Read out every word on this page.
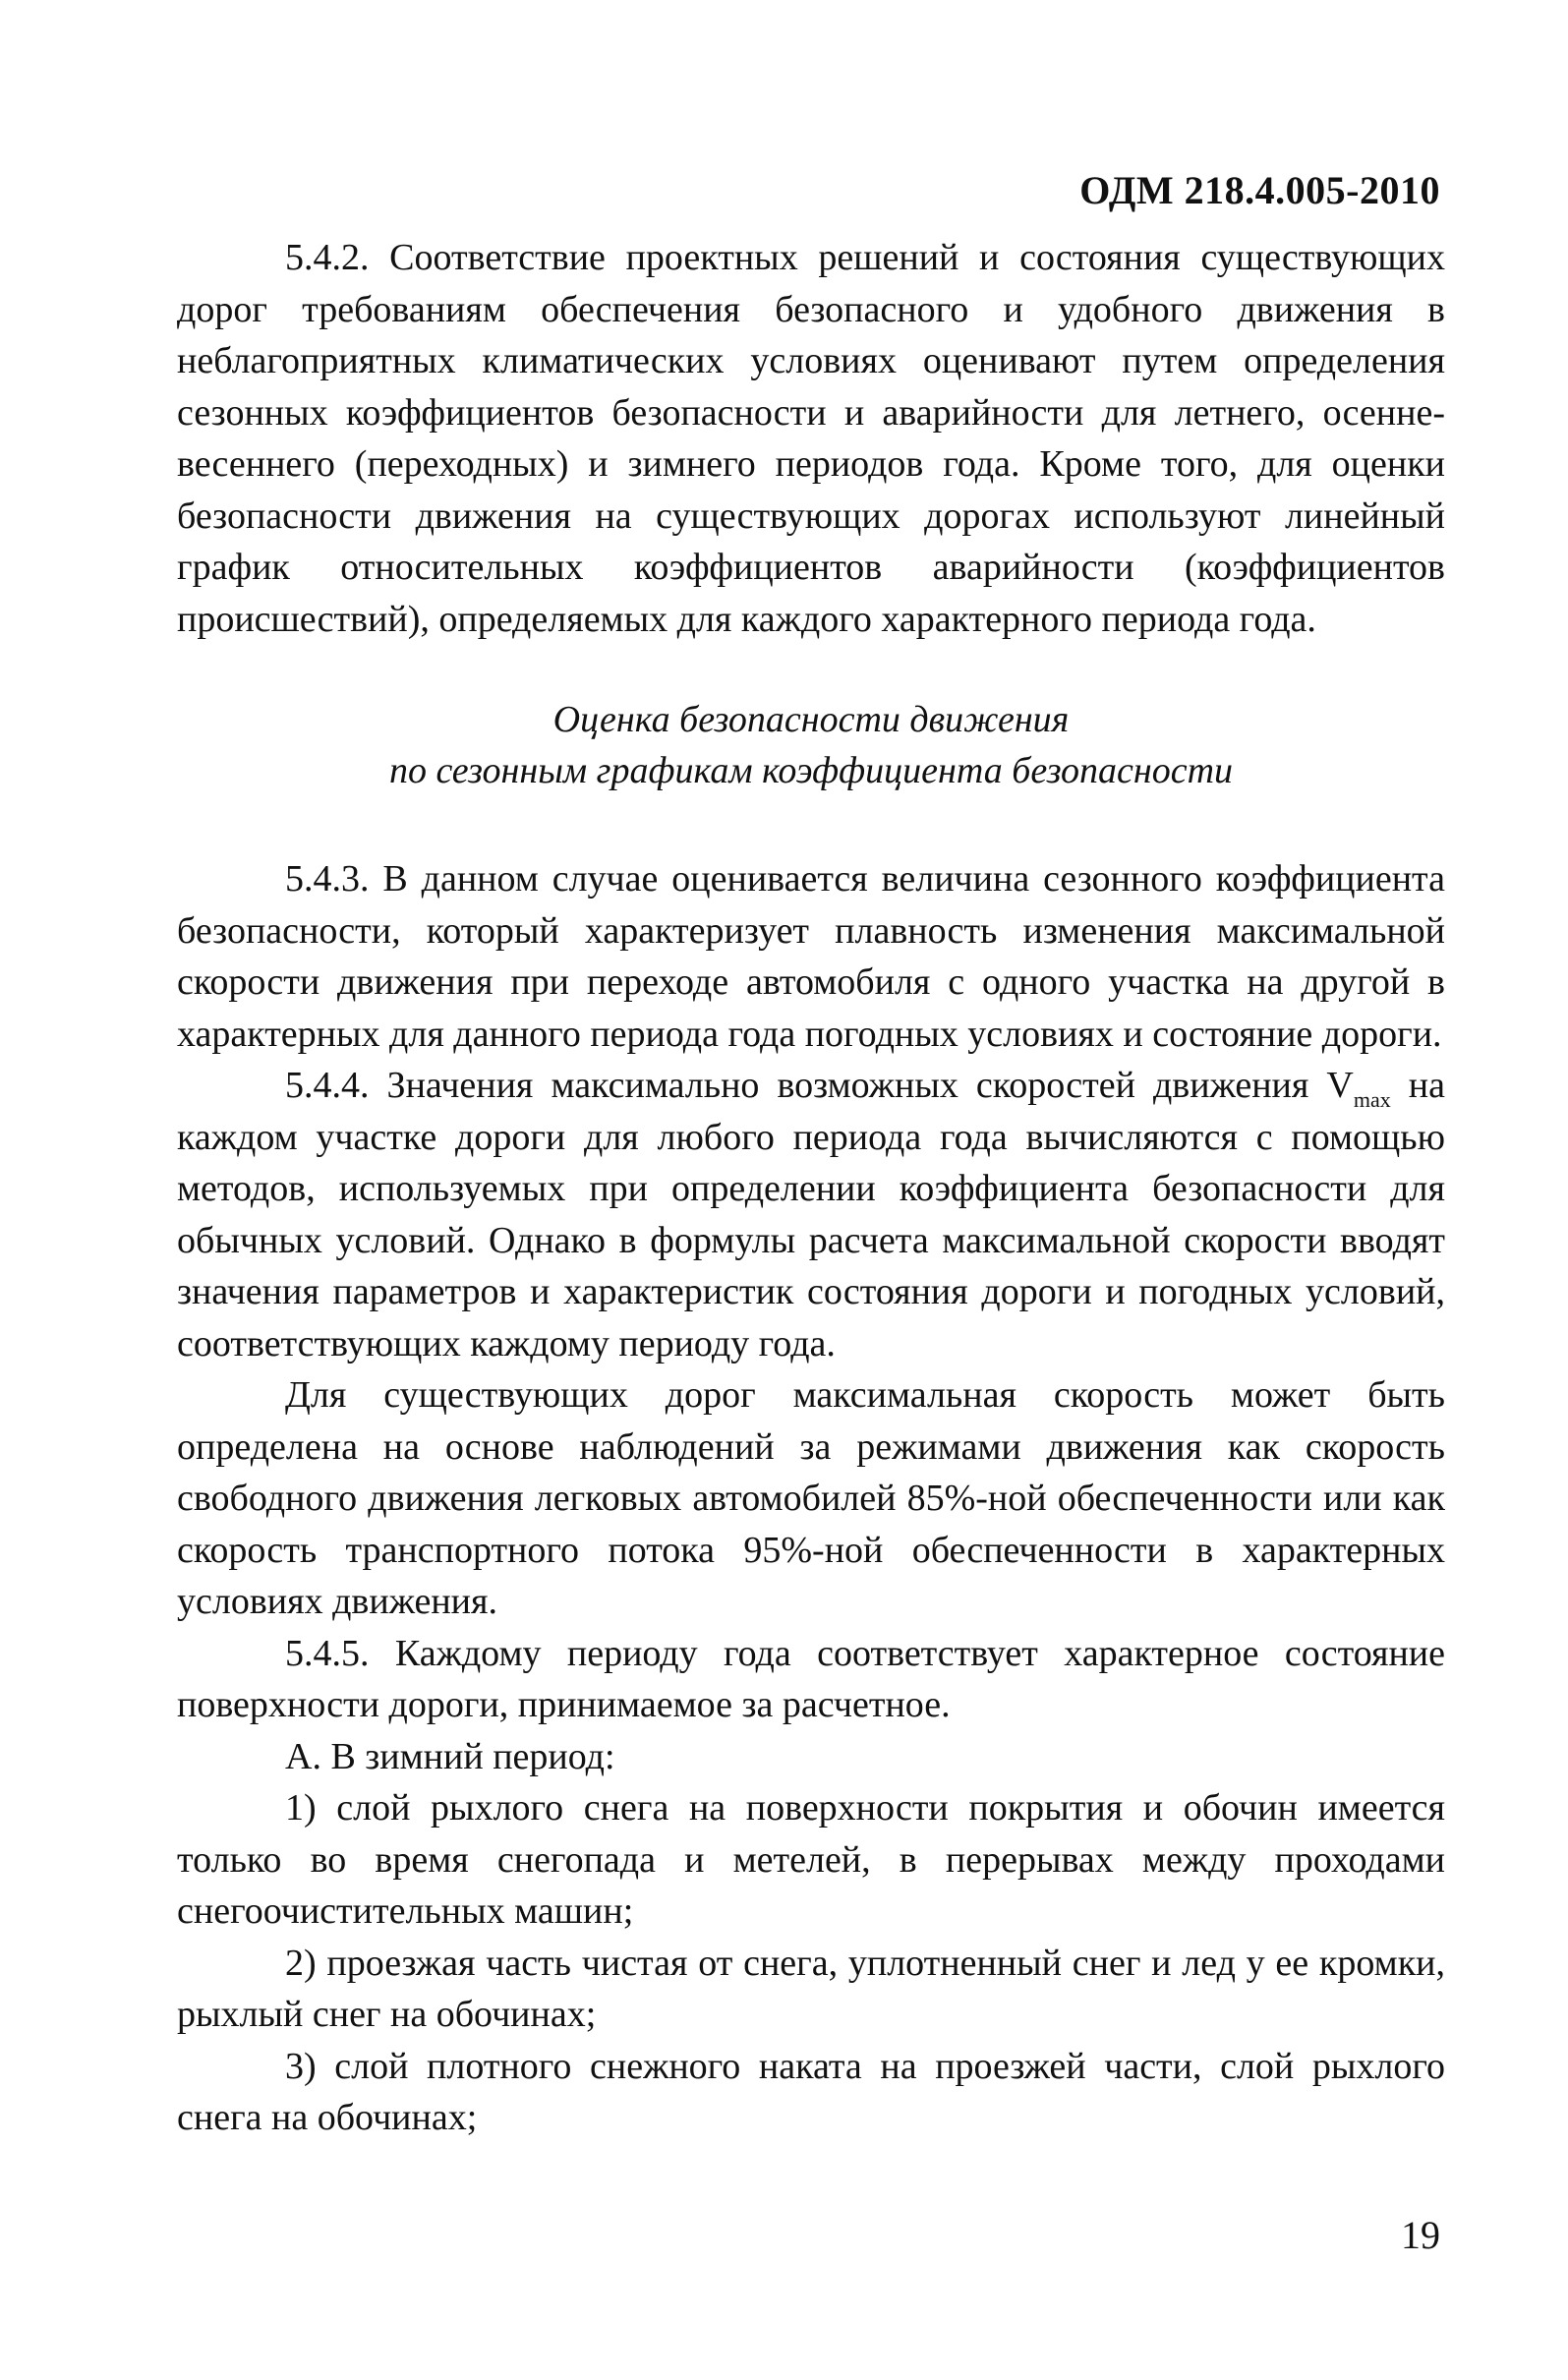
ОДМ 218.4.005-2010

5.4.2. Соответствие проектных решений и состояния существующих дорог требованиям обеспечения безопасного и удобного движения в неблагоприятных климатических условиях оценивают путем определения сезонных коэффициентов безопасности и аварийности для летнего, осенне-весеннего (переходных) и зимнего периодов года. Кроме того, для оценки безопасности движения на существующих дорогах используют линейный график относительных коэффициентов аварийности (коэффициентов происшествий), определяемых для каждого характерного периода года.

Оценка безопасности движения
по сезонным графикам коэффициента безопасности

5.4.3. В данном случае оценивается величина сезонного коэффициента безопасности, который характеризует плавность изменения максимальной скорости движения при переходе автомобиля с одного участка на другой в характерных для данного периода года погодных условиях и состояние дороги.

5.4.4. Значения максимально возможных скоростей движения $V_{max}$ на каждом участке дороги для любого периода года вычисляются с помощью методов, используемых при определении коэффициента безопасности для обычных условий. Однако в формулы расчета максимальной скорости вводят значения параметров и характеристик состояния дороги и погодных условий, соответствующих каждому периоду года.

Для существующих дорог максимальная скорость может быть определена на основе наблюдений за режимами движения как скорость свободного движения легковых автомобилей 85%-ной обеспеченности или как скорость транспортного потока 95%-ной обеспеченности в характерных условиях движения.

5.4.5. Каждому периоду года соответствует характерное состояние поверхности дороги, принимаемое за расчетное.

А. В зимний период:

1) слой рыхлого снега на поверхности покрытия и обочин имеется только во время снегопада и метелей, в перерывах между проходами снегоочистительных машин;

2) проезжая часть чистая от снега, уплотненный снег и лед у ее кромки, рыхлый снег на обочинах;

3) слой плотного снежного наката на проезжей части, слой рыхлого снега на обочинах;

19
